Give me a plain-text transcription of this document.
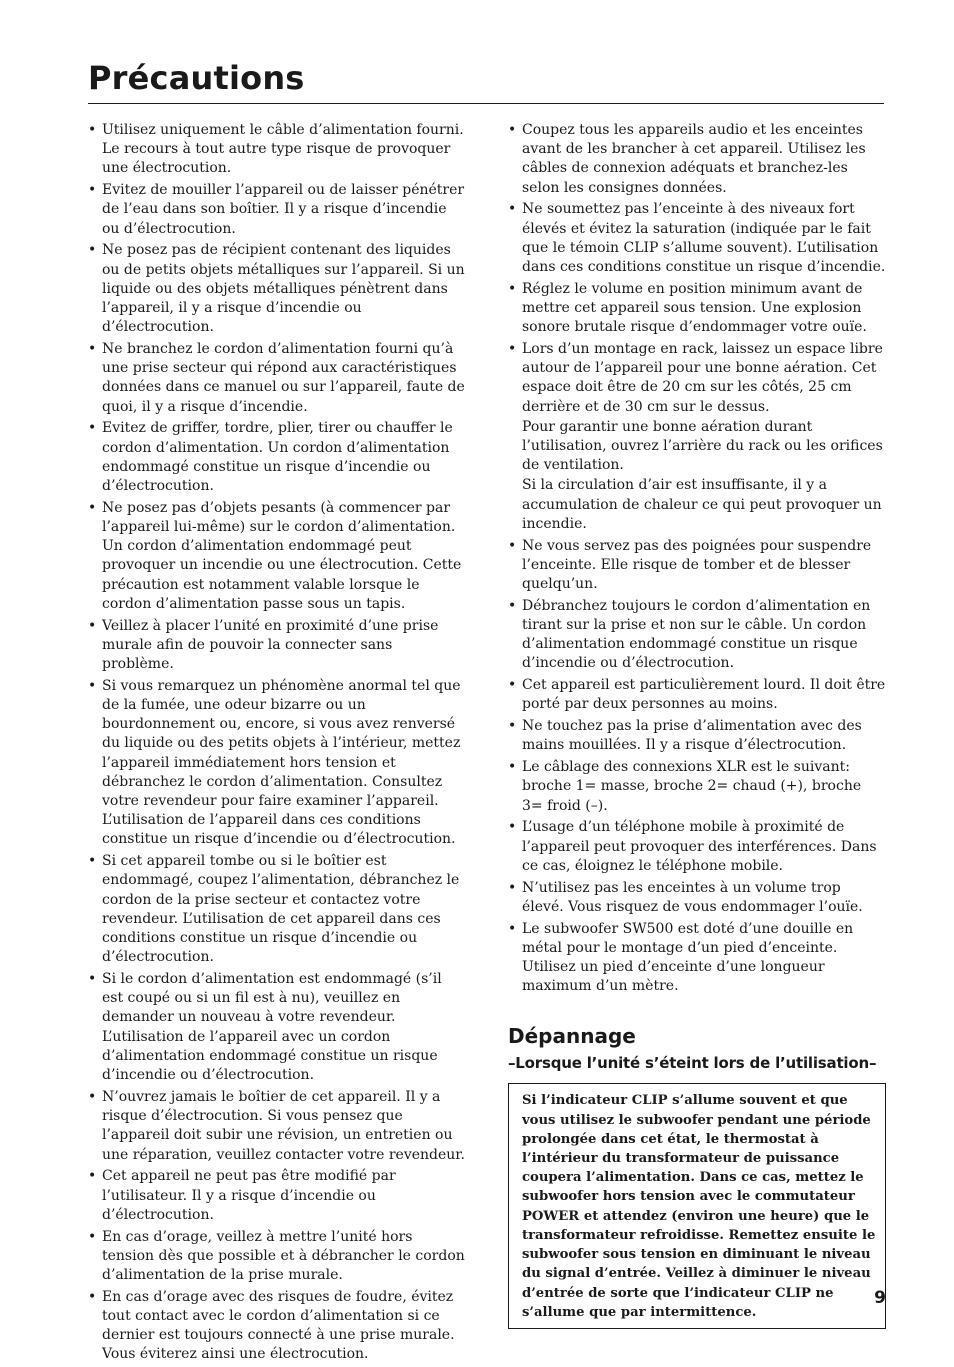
Précautions
• Utilisez uniquement le câble d’alimentation fourni. Le recours à tout autre type risque de provoquer une électrocution.
• Evitez de mouiller l’appareil ou de laisser pénétrer de l’eau dans son boîtier. Il y a risque d’incendie ou d’électrocution.
• Ne posez pas de récipient contenant des liquides ou de petits objets métalliques sur l’appareil. Si un liquide ou des objets métalliques pénètrent dans l’appareil, il y a risque d’incendie ou d’électrocution.
• Ne branchez le cordon d’alimentation fourni qu’à une prise secteur qui répond aux caractéristiques données dans ce manuel ou sur l’appareil, faute de quoi, il y a risque d’incendie.
• Evitez de griffer, tordre, plier, tirer ou chauffer le cordon d’alimentation. Un cordon d’alimentation endommagé constitue un risque d’incendie ou d’électrocution.
• Ne posez pas d’objets pesants (à commencer par l’appareil lui-même) sur le cordon d’alimentation. Un cordon d’alimentation endommagé peut provoquer un incendie ou une électrocution. Cette précaution est notamment valable lorsque le cordon d’alimentation passe sous un tapis.
• Veillez à placer l’unité en proximité d’une prise murale afin de pouvoir la connecter sans problème.
• Si vous remarquez un phénomène anormal tel que de la fumée, une odeur bizarre ou un bourdonnement ou, encore, si vous avez renversé du liquide ou des petits objets à l’intérieur, mettez l’appareil immédiatement hors tension et débranchez le cordon d’alimentation. Consultez votre revendeur pour faire examiner l’appareil. L’utilisation de l’appareil dans ces conditions constitue un risque d’incendie ou d’électrocution.
• Si cet appareil tombe ou si le boîtier est endommagé, coupez l’alimentation, débranchez le cordon de la prise secteur et contactez votre revendeur. L’utilisation de cet appareil dans ces conditions constitue un risque d’incendie ou d’électrocution.
• Si le cordon d’alimentation est endommagé (s’il est coupé ou si un fil est à nu), veuillez en demander un nouveau à votre revendeur. L’utilisation de l’appareil avec un cordon d’alimentation endommagé constitue un risque d’incendie ou d’électrocution.
• N’ouvrez jamais le boîtier de cet appareil. Il y a risque d’électrocution. Si vous pensez que l’appareil doit subir une révision, un entretien ou une réparation, veuillez contacter votre revendeur.
• Cet appareil ne peut pas être modifié par l’utilisateur. Il y a risque d’incendie ou d’électrocution.
• En cas d’orage, veillez à mettre l’unité hors tension dès que possible et à débrancher le cordon d’alimentation de la prise murale.
• En cas d’orage avec des risques de foudre, évitez tout contact avec le cordon d’alimentation si ce dernier est toujours connecté à une prise murale. Vous éviterez ainsi une électrocution.
• Coupez tous les appareils audio et les enceintes avant de les brancher à cet appareil. Utilisez les câbles de connexion adéquats et branchez-les selon les consignes données.
• Ne soumettez pas l’enceinte à des niveaux fort élevés et évitez la saturation (indiquée par le fait que le témoin CLIP s’allume souvent). L’utilisation dans ces conditions constitue un risque d’incendie.
• Réglez le volume en position minimum avant de mettre cet appareil sous tension. Une explosion sonore brutale risque d’endommager votre ouïe.
• Lors d’un montage en rack, laissez un espace libre autour de l’appareil pour une bonne aération. Cet espace doit être de 20 cm sur les côtés, 25 cm derrière et de 30 cm sur le dessus.
Pour garantir une bonne aération durant l’utilisation, ouvrez l’arrière du rack ou les orifices de ventilation.
Si la circulation d’air est insuffisante, il y a accumulation de chaleur ce qui peut provoquer un incendie.
• Ne vous servez pas des poignées pour suspendre l’enceinte. Elle risque de tomber et de blesser quelqu’un.
• Débranchez toujours le cordon d’alimentation en tirant sur la prise et non sur le câble. Un cordon d’alimentation endommagé constitue un risque d’incendie ou d’électrocution.
• Cet appareil est particulièrement lourd. Il doit être porté par deux personnes au moins.
• Ne touchez pas la prise d’alimentation avec des mains mouillées. Il y a risque d’électrocution.
• Le câblage des connexions XLR est le suivant: broche 1= masse, broche 2= chaud (+), broche 3= froid (–).
• L’usage d’un téléphone mobile à proximité de l’appareil peut provoquer des interférences. Dans ce cas, éloignez le téléphone mobile.
• N’utilisez pas les enceintes à un volume trop élevé. Vous risquez de vous endommager l’ouïe.
• Le subwoofer SW500 est doté d’une douille en métal pour le montage d’un pied d’enceinte. Utilisez un pied d’enceinte d’une longueur maximum d’un mètre.
Dépannage
–Lorsque l’unité s’éteint lors de l’utilisation–
Si l’indicateur CLIP s’allume souvent et que vous utilisez le subwoofer pendant une période prolongée dans cet état, le thermostat à l’intérieur du transformateur de puissance coupera l’alimentation. Dans ce cas, mettez le subwoofer hors tension avec le commutateur POWER et attendez (environ une heure) que le transformateur refroidisse. Remettez ensuite le subwoofer sous tension en diminuant le niveau du signal d’entrée. Veillez à diminuer le niveau d’entrée de sorte que l’indicateur CLIP ne s’allume que par intermittence.
9
